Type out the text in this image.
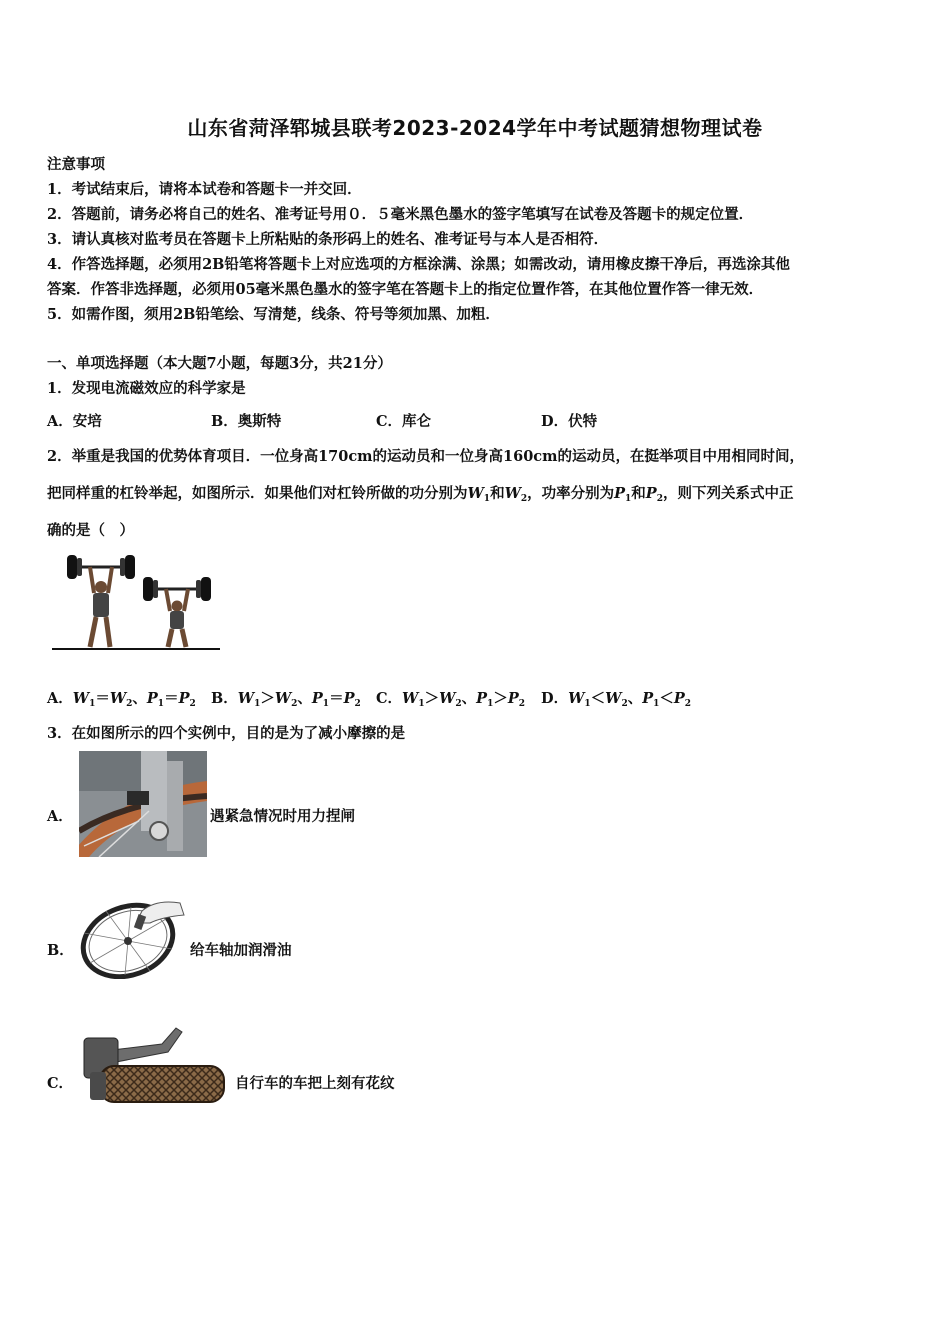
山东省菏泽郓城县联考2023-2024学年中考试题猜想物理试卷
注意事项
1．考试结束后，请将本试卷和答题卡一并交回．
2．答题前，请务必将自己的姓名、准考证号用０．５毫米黑色墨水的签字笔填写在试卷及答题卡的规定位置．
3．请认真核对监考员在答题卡上所粘贴的条形码上的姓名、准考证号与本人是否相符．
4．作答选择题，必须用2B铅笔将答题卡上对应选项的方框涂满、涂黑；如需改动，请用橡皮擦干净后，再选涂其他
答案．作答非选择题，必须用05毫米黑色墨水的签字笔在答题卡上的指定位置作答，在其他位置作答一律无效．
5．如需作图，须用2B铅笔绘、写清楚，线条、符号等须加黑、加粗．
一、单项选择题（本大题7小题，每题3分，共21分）
1．发现电流磁效应的科学家是
A．安培	B．奥斯特	C．库仑	D．伏特
2．举重是我国的优势体育项目．一位身高170cm的运动员和一位身高160cm的运动员，在挺举项目中用相同时间，
把同样重的杠铃举起，如图所示．如果他们对杠铃所做的功分别为$W_1$和$W_2$，功率分别为$P_1$和$P_2$，则下列关系式中正
确的是（　）
A．$W_1=W_2$、$P_1=P_2$ B．$W_1>W_2$、$P_1=P_2$ C．$W_1>W_2$、$P_1>P_2$ D．$W_1<W_2$、$P_1<P_2$
3．在如图所示的四个实例中，目的是为了减小摩擦的是
A．	遇紧急情况时用力捏闸
B．	给车轴加润滑油
C．	自行车的车把上刻有花纹
